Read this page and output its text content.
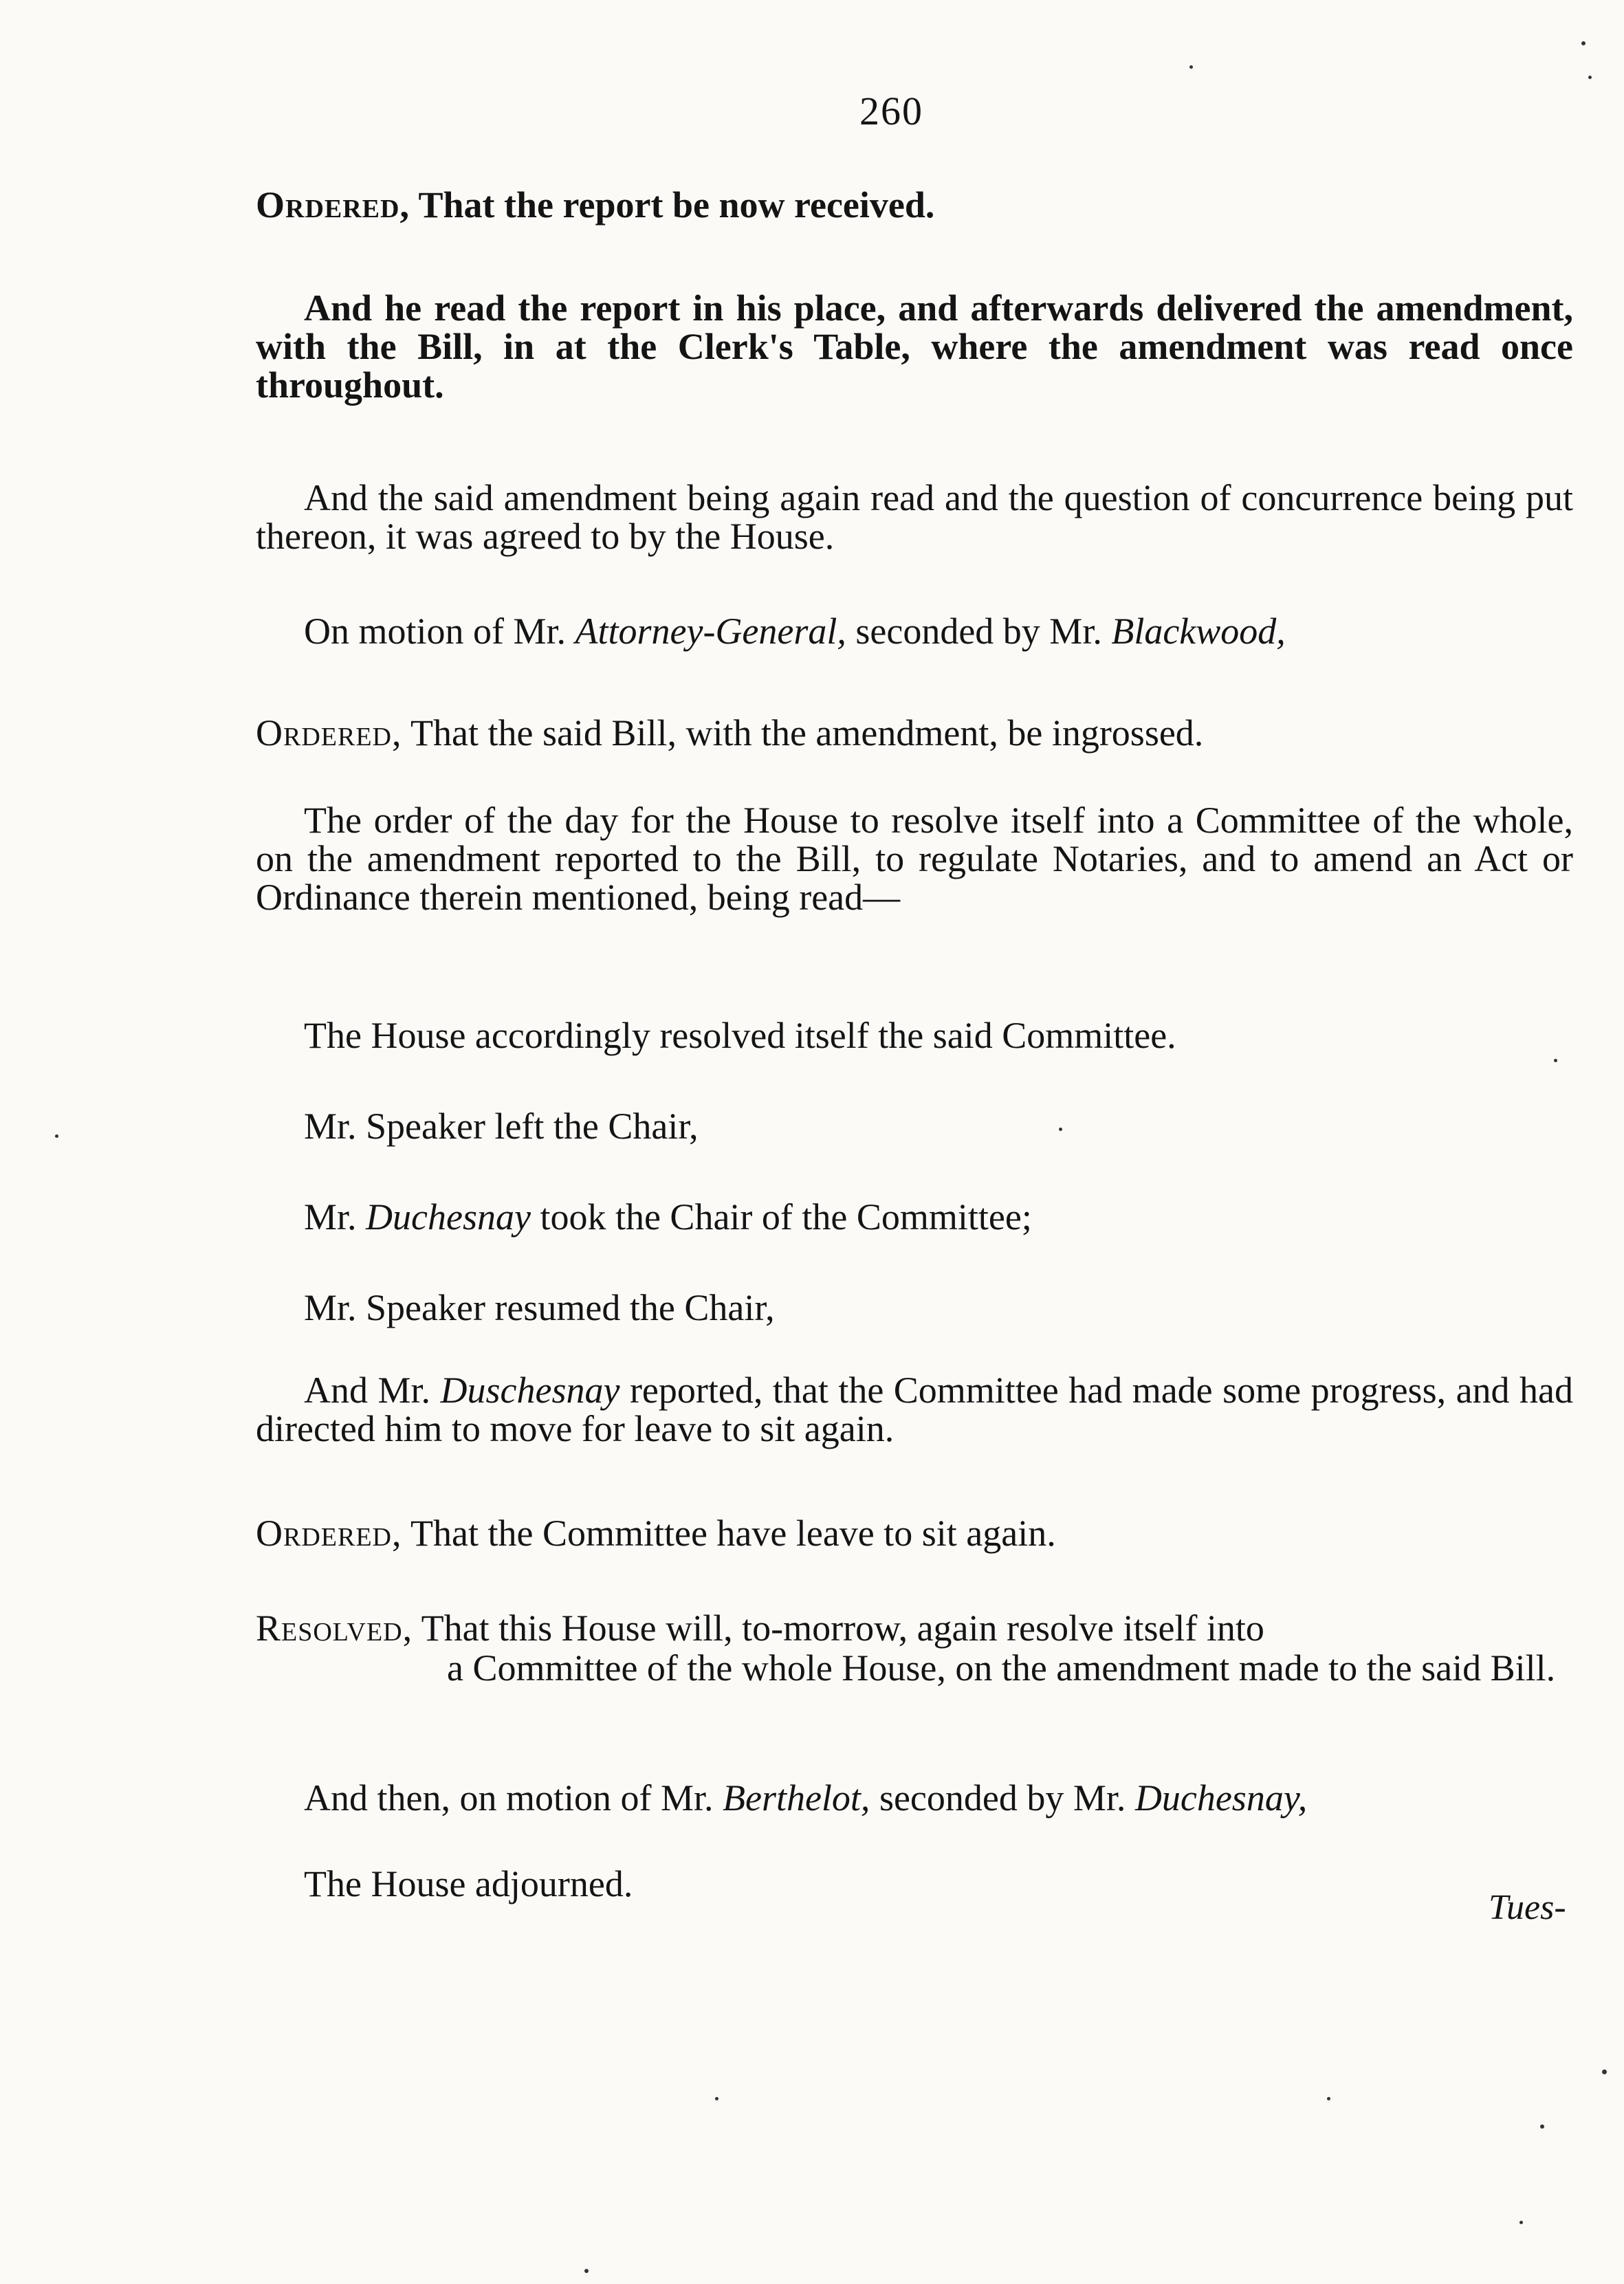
260
Ordered, That the report be now received.
And he read the report in his place, and afterwards delivered the amendment, with the Bill, in at the Clerk's Table, where the amendment was read once throughout.
And the said amendment being again read and the question of concurrence being put thereon, it was agreed to by the House.
On motion of Mr. Attorney-General, seconded by Mr. Blackwood,
Ordered, That the said Bill, with the amendment, be ingrossed.
The order of the day for the House to resolve itself into a Committee of the whole, on the amendment reported to the Bill, to regulate Notaries, and to amend an Act or Ordinance therein mentioned, being read—
The House accordingly resolved itself the said Committee.
Mr. Speaker left the Chair,
Mr. Duchesnay took the Chair of the Committee;
Mr. Speaker resumed the Chair,
And Mr. Duschesnay reported, that the Committee had made some progress, and had directed him to move for leave to sit again.
Ordered, That the Committee have leave to sit again.
Resolved, That this House will, to-morrow, again resolve itself into
a Committee of the whole House, on the amendment made to the said Bill.
And then, on motion of Mr. Berthelot, seconded by Mr. Duchesnay,
The House adjourned.
Tues-
